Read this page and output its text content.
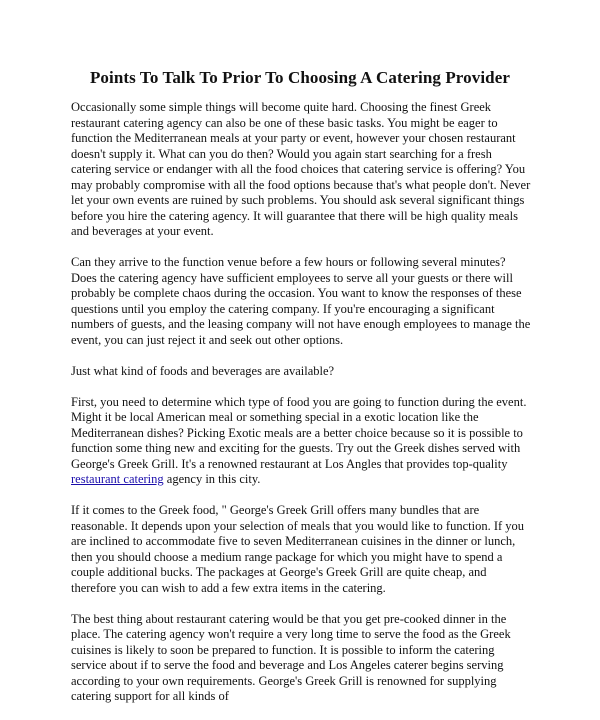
Points To Talk To Prior To Choosing A Catering Provider

Occasionally some simple things will become quite hard. Choosing the finest Greek restaurant catering agency can also be one of these basic tasks. You might be eager to function the Mediterranean meals at your party or event, however your chosen restaurant doesn't supply it. What can you do then? Would you again start searching for a fresh catering service or endanger with all the food choices that catering service is offering? You may probably compromise with all the food options because that's what people don't. Never let your own events are ruined by such problems. You should ask several significant things before you hire the catering agency. It will guarantee that there will be high quality meals and beverages at your event.

Can they arrive to the function venue before a few hours or following several minutes? Does the catering agency have sufficient employees to serve all your guests or there will probably be complete chaos during the occasion. You want to know the responses of these questions until you employ the catering company. If you're encouraging a significant numbers of guests, and the leasing company will not have enough employees to manage the event, you can just reject it and seek out other options.

Just what kind of foods and beverages are available?

First, you need to determine which type of food you are going to function during the event. Might it be local American meal or something special in a exotic location like the Mediterranean dishes? Picking Exotic meals are a better choice because so it is possible to function some thing new and exciting for the guests. Try out the Greek dishes served with George's Greek Grill. It's a renowned restaurant at Los Angles that provides top-quality restaurant catering agency in this city.

If it comes to the Greek food, " George's Greek Grill offers many bundles that are reasonable. It depends upon your selection of meals that you would like to function. If you are inclined to accommodate five to seven Mediterranean cuisines in the dinner or lunch, then you should choose a medium range package for which you might have to spend a couple additional bucks. The packages at George's Greek Grill are quite cheap, and therefore you can wish to add a few extra items in the catering.

The best thing about restaurant catering would be that you get pre-cooked dinner in the place. The catering agency won't require a very long time to serve the food as the Greek cuisines is likely to soon be prepared to function. It is possible to inform the catering service about if to serve the food and beverage and Los Angeles caterer begins serving according to your own requirements. George's Greek Grill is renowned for supplying catering support for all kinds of
